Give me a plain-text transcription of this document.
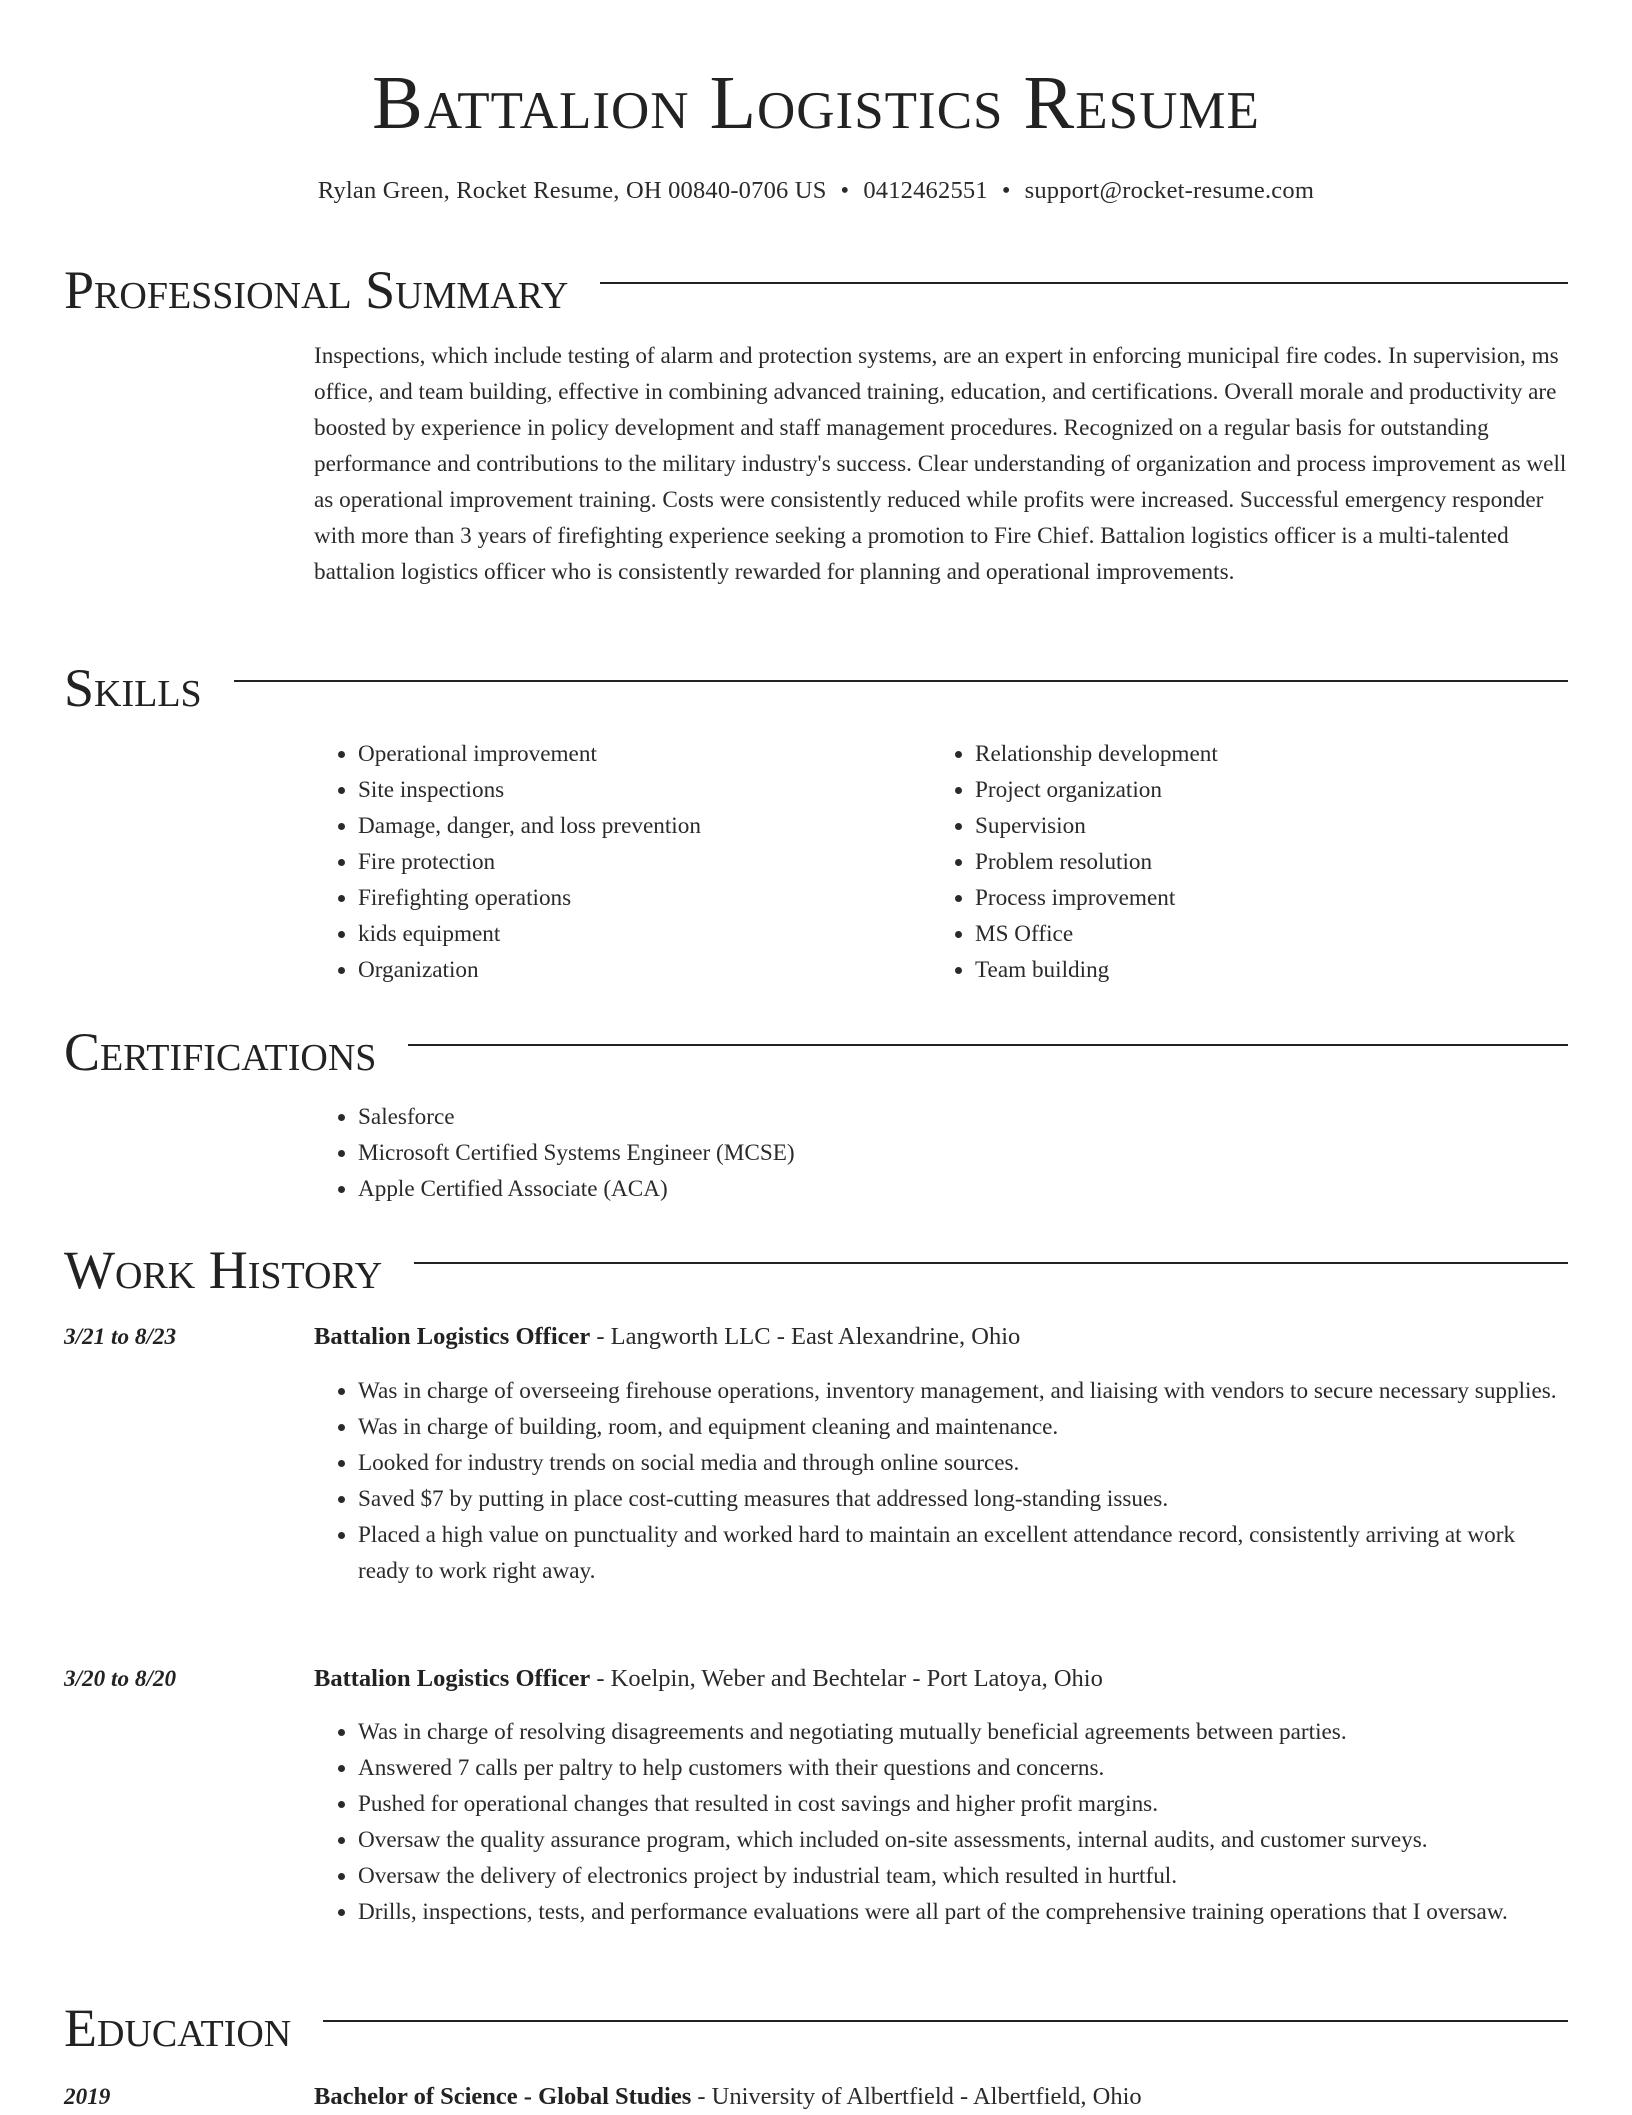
Battalion Logistics Resume
Rylan Green, Rocket Resume, OH 00840-0706 US • 0412462551 • support@rocket-resume.com
Professional Summary

Inspections, which include testing of alarm and protection systems, are an expert in enforcing municipal fire codes. In supervision, ms office, and team building, effective in combining advanced training, education, and certifications. Overall morale and productivity are boosted by experience in policy development and staff management procedures. Recognized on a regular basis for outstanding performance and contributions to the military industry's success. Clear understanding of organization and process improvement as well as operational improvement training. Costs were consistently reduced while profits were increased. Successful emergency responder with more than 3 years of firefighting experience seeking a promotion to Fire Chief. Battalion logistics officer is a multi-talented battalion logistics officer who is consistently rewarded for planning and operational improvements.

Skills
• Operational improvement
• Site inspections
• Damage, danger, and loss prevention
• Fire protection
• Firefighting operations
• kids equipment
• Organization
• Relationship development
• Project organization
• Supervision
• Problem resolution
• Process improvement
• MS Office
• Team building
Certifications
• Salesforce
• Microsoft Certified Systems Engineer (MCSE)
• Apple Certified Associate (ACA)
Work History
3/21 to 8/23	Battalion Logistics Officer - Langworth LLC - East Alexandrine, Ohio
• Was in charge of overseeing firehouse operations, inventory management, and liaising with vendors to secure necessary supplies.
• Was in charge of building, room, and equipment cleaning and maintenance.
• Looked for industry trends on social media and through online sources.
• Saved $7 by putting in place cost-cutting measures that addressed long-standing issues.
• Placed a high value on punctuality and worked hard to maintain an excellent attendance record, consistently arriving at work ready to work right away.
3/20 to 8/20	Battalion Logistics Officer - Koelpin, Weber and Bechtelar - Port Latoya, Ohio
• Was in charge of resolving disagreements and negotiating mutually beneficial agreements between parties.
• Answered 7 calls per paltry to help customers with their questions and concerns.
• Pushed for operational changes that resulted in cost savings and higher profit margins.
• Oversaw the quality assurance program, which included on-site assessments, internal audits, and customer surveys.
• Oversaw the delivery of electronics project by industrial team, which resulted in hurtful.
• Drills, inspections, tests, and performance evaluations were all part of the comprehensive training operations that I oversaw.
Education
2019	Bachelor of Science - Global Studies - University of Albertfield - Albertfield, Ohio
